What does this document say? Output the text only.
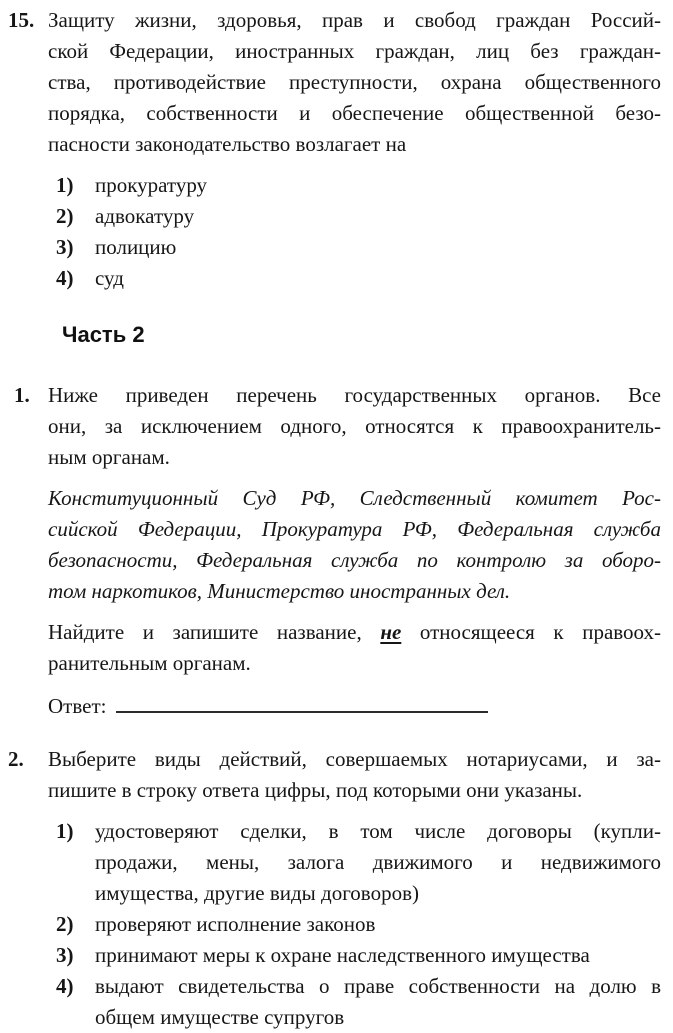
15. Защиту жизни, здоровья, прав и свобод граждан Россий-
ской Федерации, иностранных граждан, лиц без граждан-
ства, противодействие преступности, охрана общественного
порядка, собственности и обеспечение общественной безо-
пасности законодательство возлагает на
1)	прокуратуру
2)	адвокатуру
3)	полицию
4)	суд
Часть 2
1. Ниже приведен перечень государственных органов. Все
они, за исключением одного, относятся к правоохранитель-
ным органам.
Конституционный Суд РФ, Следственный комитет Рос-
сийской Федерации, Прокуратура РФ, Федеральная служба
безопасности, Федеральная служба по контролю за оборо-
том наркотиков, Министерство иностранных дел.
Найдите и запишите название, не относящееся к правоох-
ранительным органам.
Ответ:
2.	Выберите виды действий, совершаемых нотариусами, и за-
пишите в строку ответа цифры, под которыми они указаны.
1)	удостоверяют сделки, в том числе договоры (купли-
продажи, мены, залога движимого и недвижимого
имущества, другие виды договоров)
2)	проверяют исполнение законов
3)	принимают меры к охране наследственного имущества
4)	выдают свидетельства о праве собственности на долю в
общем имуществе супругов
